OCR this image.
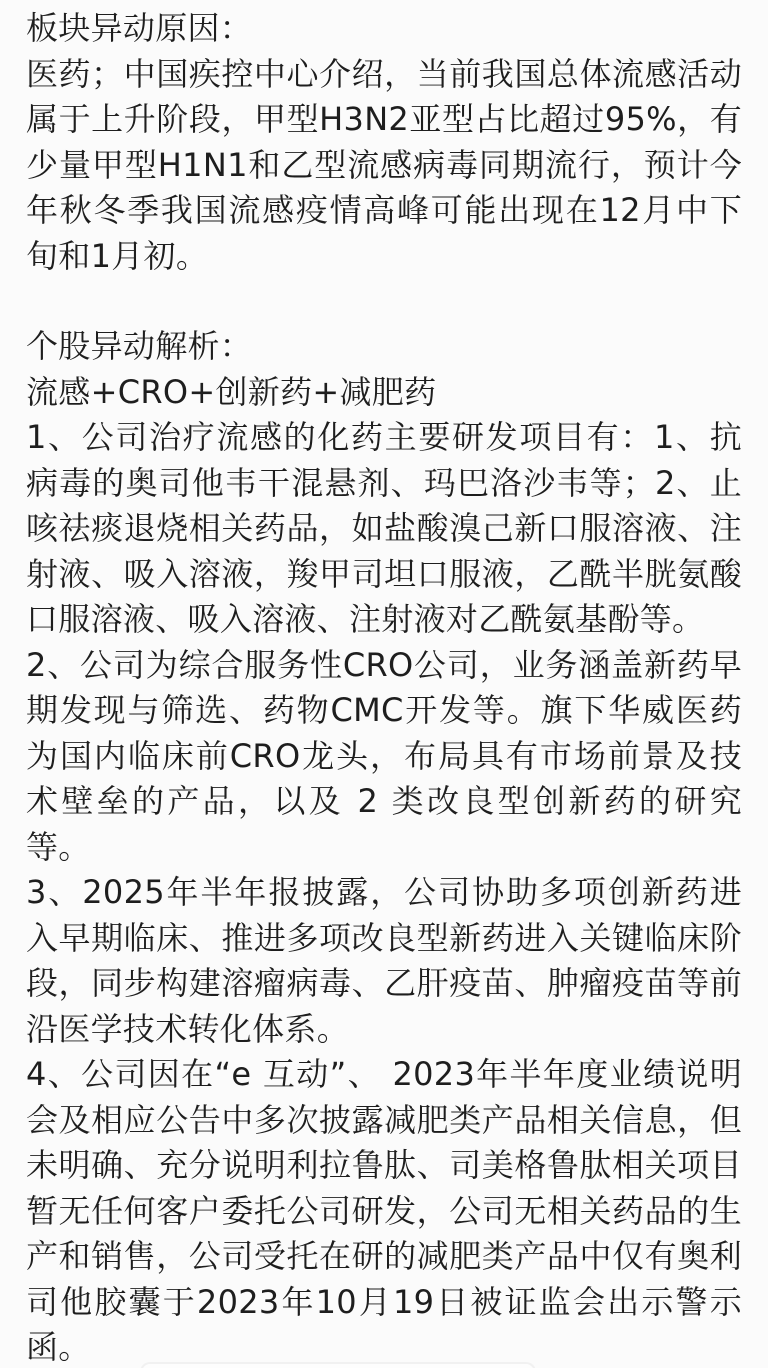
板块异动原因：

医药；中国疾控中心介绍，当前我国总体流感活动属于上升阶段，甲型H3N2亚型占比超过95%，有少量甲型H1N1和乙型流感病毒同期流行，预计今年秋冬季我国流感疫情高峰可能出现在12月中下旬和1月初。

个股异动解析：

流感+CRO+创新药+减肥药

1、公司治疗流感的化药主要研发项目有：1、抗病毒的奥司他韦干混悬剂、玛巴洛沙韦等；2、止咳祛痰退烧相关药品，如盐酸溴己新口服溶液、注射液、吸入溶液，羧甲司坦口服液，乙酰半胱氨酸口服溶液、吸入溶液、注射液对乙酰氨基酚等。

2、公司为综合服务性CRO公司，业务涵盖新药早期发现与筛选、药物CMC开发等。旗下华威医药为国内临床前CRO龙头，布局具有市场前景及技术壁垒的产品，以及 2 类改良型创新药的研究等。

3、2025年半年报披露，公司协助多项创新药进入早期临床、推进多项改良型新药进入关键临床阶段，同步构建溶瘤病毒、乙肝疫苗、肿瘤疫苗等前沿医学技术转化体系。

4、公司因在“e 互动”、 2023年半年度业绩说明会及相应公告中多次披露减肥类产品相关信息，但未明确、充分说明利拉鲁肽、司美格鲁肽相关项目暂无任何客户委托公司研发，公司无相关药品的生产和销售，公司受托在研的减肥类产品中仅有奥利司他胶囊于2023年10月19日被证监会出示警示函。
